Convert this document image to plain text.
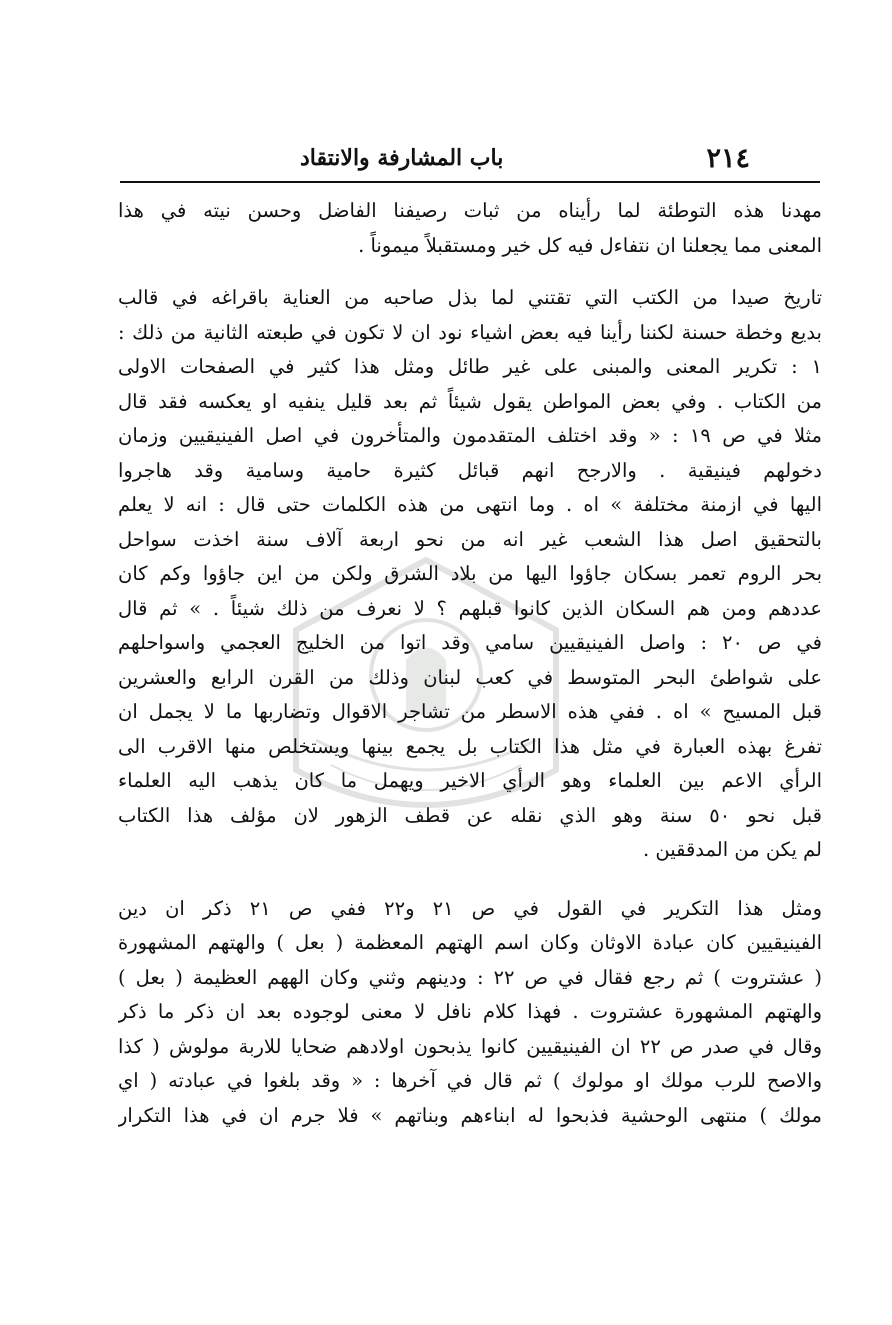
٢١٤
باب المشارفة والانتقاد
مهدنا هذه التوطئة لما رأيناه من ثبات رصيفنا الفاضل وحسن نيته في هذا
المعنى مما يجعلنا ان نتفاءل فيه كل خير ومستقبلاً ميموناً .
تاريخ صيدا من الكتب التي تقتني لما بذل صاحبه من العناية باقراغه في قالب
بديع وخطة حسنة لكننا رأينا فيه بعض اشياء نود ان لا تكون في طبعته الثانية من ذلك :
١ً : تكرير المعنى والمبنى على غير طائل ومثل هذا كثير في الصفحات الاولى
من الكتاب . وفي بعض المواطن يقول شيئاً ثم بعد قليل ينفيه او يعكسه فقد قال
مثلا في ص ١٩ : « وقد اختلف المتقدمون والمتأخرون في اصل الفينيقيين وزمان
دخولهم فينيقية . والارجح انهم قبائل كثيرة حامية وسامية وقد هاجروا
اليها في ازمنة مختلفة » اه . وما انتهى من هذه الكلمات حتى قال : انه لا يعلم
بالتحقيق اصل هذا الشعب غير انه من نحو اربعة آلاف سنة اخذت سواحل
بحر الروم تعمر بسكان جاؤوا اليها من بلاد الشرق ولكن من اين جاؤوا وكم كان
عددهم ومن هم السكان الذين كانوا قبلهم ؟ لا نعرف من ذلك شيئاً . » ثم قال
في ص ٢٠ : واصل الفينيقيين سامي وقد اتوا من الخليج العجمي واسواحلهم
على شواطئ البحر المتوسط في كعب لبنان وذلك من القرن الرابع والعشرين
قبل المسيح » اه . ففي هذه الاسطر من تشاجر الاقوال وتضاربها ما لا يجمل ان
تفرغ بهذه العبارة في مثل هذا الكتاب بل يجمع بينها ويستخلص منها الاقرب الى
الرأي الاعم بين العلماء وهو الرأي الاخير ويهمل ما كان يذهب اليه العلماء
قبل نحو ٥٠ سنة وهو الذي نقله عن قطف الزهور لان مؤلف هذا الكتاب
لم يكن من المدققين .
ومثل هذا التكرير في القول في ص ٢١ و٢٢ ففي ص ٢١ ذكر ان دين
الفينيقيين كان عبادة الاوثان وكان اسم الهتهم المعظمة ( بعل ) والهتهم المشهورة
( عشتروت ) ثم رجع فقال في ص ٢٢ : ودينهم وثني وكان الههم العظيمة ( بعل )
والهتهم المشهورة عشتروت . فهذا كلام نافل لا معنى لوجوده بعد ان ذكر ما ذكر
وقال في صدر ص ٢٢ ان الفينيقيين كانوا يذبحون اولادهم ضحايا للاربة مولوش ( كذا
والاصح للرب مولك او مولوك ) ثم قال في آخرها : « وقد بلغوا في عبادته ( اي
مولك ) منتهى الوحشية فذبحوا له ابناءهم وبناتهم » فلا جرم ان في هذا التكرار
